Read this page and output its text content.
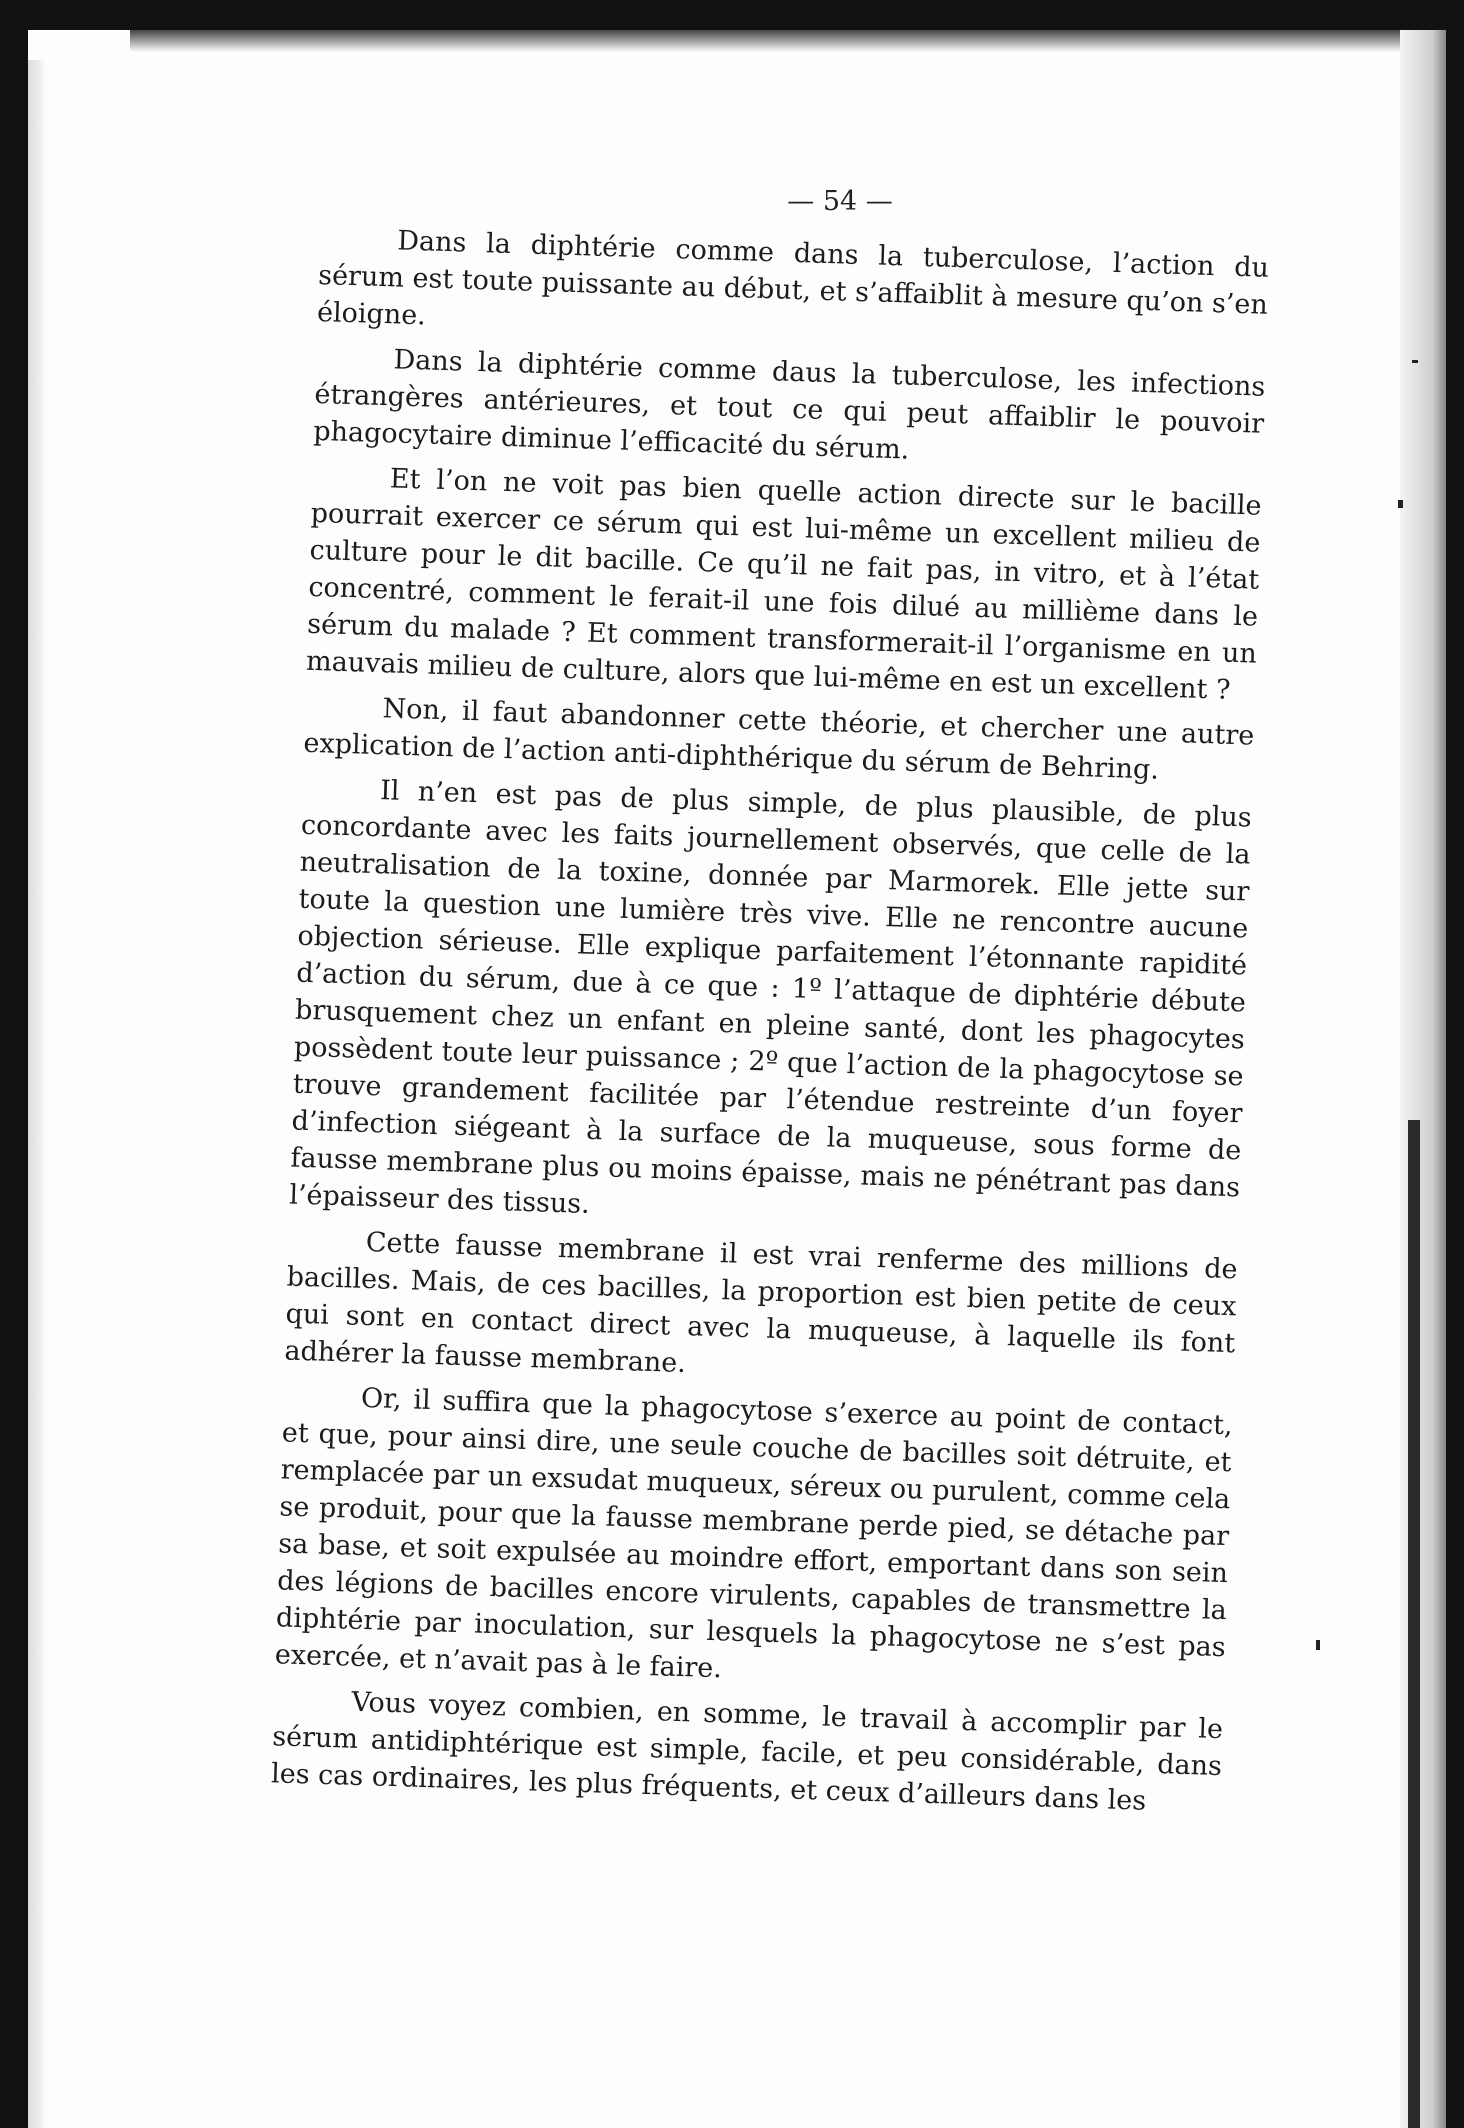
— 54 —

Dans la diphtérie comme dans la tuberculose, l’action du sérum est toute puissante au début, et s’affaiblit à mesure qu’on s’en éloigne.

Dans la diphtérie comme daus la tuberculose, les infections étrangères antérieures, et tout ce qui peut affaiblir le pouvoir phagocytaire diminue l’efficacité du sérum.

Et l’on ne voit pas bien quelle action directe sur le bacille pourrait exercer ce sérum qui est lui-même un excellent milieu de culture pour le dit bacille. Ce qu’il ne fait pas, in vitro, et à l’état concentré, comment le ferait-il une fois dilué au millième dans le sérum du malade ? Et comment transformerait-il l’organisme en un mauvais milieu de culture, alors que lui-même en est un excellent ?

Non, il faut abandonner cette théorie, et chercher une autre explication de l’action anti-diphthérique du sérum de Behring.

Il n’en est pas de plus simple, de plus plausible, de plus concordante avec les faits journellement observés, que celle de la neutralisation de la toxine, donnée par Marmorek. Elle jette sur toute la question une lumière très vive. Elle ne rencontre aucune objection sérieuse. Elle explique parfaitement l’étonnante rapidité d’action du sérum, due à ce que : 1º l’attaque de diphtérie débute brusquement chez un enfant en pleine santé, dont les phagocytes possèdent toute leur puissance ; 2º que l’action de la phagocytose se trouve grandement facilitée par l’étendue restreinte d’un foyer d’infection siégeant à la surface de la muqueuse, sous forme de fausse membrane plus ou moins épaisse, mais ne pénétrant pas dans l’épaisseur des tissus.

Cette fausse membrane il est vrai renferme des millions de bacilles. Mais, de ces bacilles, la proportion est bien petite de ceux qui sont en contact direct avec la muqueuse, à laquelle ils font adhérer la fausse membrane.

Or, il suffira que la phagocytose s’exerce au point de contact, et que, pour ainsi dire, une seule couche de bacilles soit détruite, et remplacée par un exsudat muqueux, séreux ou purulent, comme cela se produit, pour que la fausse membrane perde pied, se détache par sa base, et soit expulsée au moindre effort, emportant dans son sein des légions de bacilles encore virulents, capables de transmettre la diphtérie par inoculation, sur lesquels la phagocytose ne s’est pas exercée, et n’avait pas à le faire.

Vous voyez combien, en somme, le travail à accomplir par le sérum antidiphtérique est simple, facile, et peu considérable, dans les cas ordinaires, les plus fréquents, et ceux d’ailleurs dans les
